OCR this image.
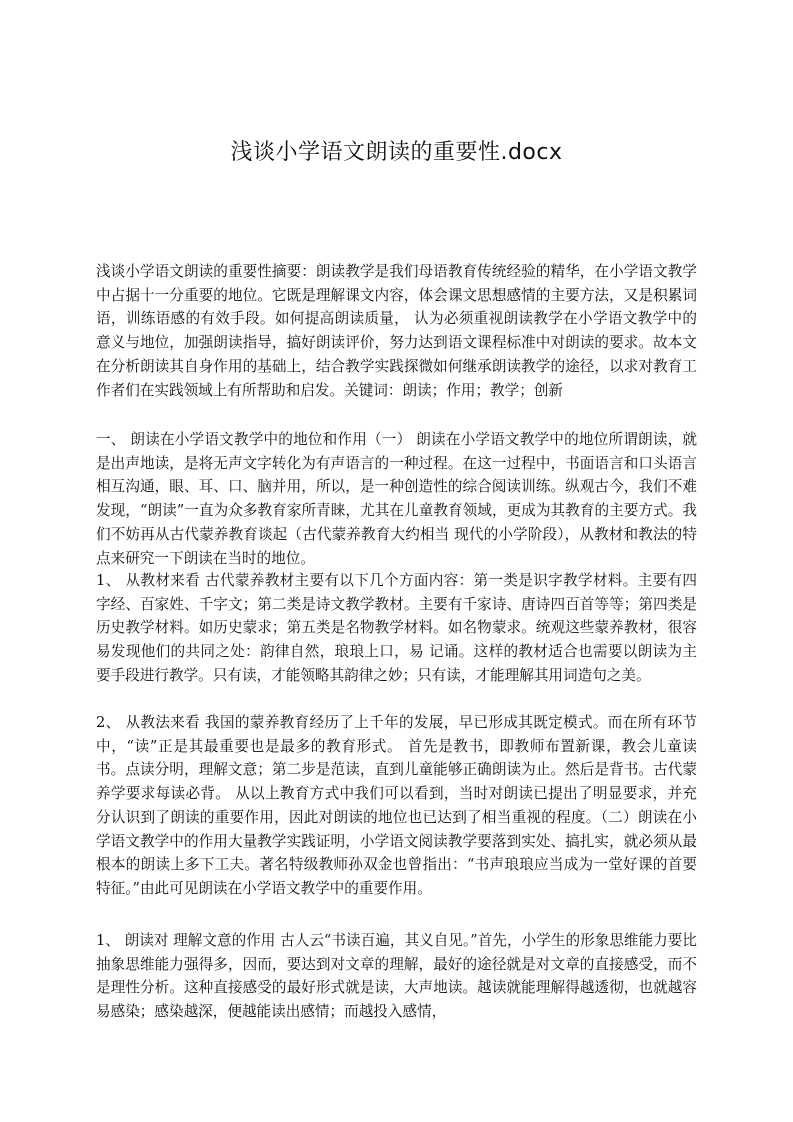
浅谈小学语文朗读的重要性.docx

浅谈小学语文朗读的重要性摘要：朗读教学是我们母语教育传统经验的精华，在小学语文教学中占据十一分重要的地位。它既是理解课文内容，体会课文思想感情的主要方法，又是积累词语，训练语感的有效手段。如何提高朗读质量， 认为必须重视朗读教学在小学语文教学中的意义与地位，加强朗读指导，搞好朗读评价，努力达到语文课程标准中对朗读的要求。故本文在分析朗读其自身作用的基础上，结合教学实践探微如何继承朗读教学的途径，以求对教育工作者们在实践领域上有所帮助和启发。关键词：朗读；作用；教学；创新

一、 朗读在小学语文教学中的地位和作用（一） 朗读在小学语文教学中的地位所谓朗读，就是出声地读，是将无声文字转化为有声语言的一种过程。在这一过程中，书面语言和口头语言相互沟通，眼、耳、口、脑并用，所以，是一种创造性的综合阅读训练。纵观古今，我们不难发现，“朗读”一直为众多教育家所青睐，尤其在儿童教育领域，更成为其教育的主要方式。我们不妨再从古代蒙养教育谈起（古代蒙养教育大约相当 现代的小学阶段），从教材和教法的特点来研究一下朗读在当时的地位。

1、 从教材来看 古代蒙养教材主要有以下几个方面内容：第一类是识字教学材料。主要有四字经、百家姓、千字文；第二类是诗文教学教材。主要有千家诗、唐诗四百首等等；第四类是历史教学材料。如历史蒙求；第五类是名物教学材料。如名物蒙求。统观这些蒙养教材，很容易发现他们的共同之处：韵律自然，琅琅上口，易 记诵。这样的教材适合也需要以朗读为主要手段进行教学。只有读，才能领略其韵律之妙；只有读，才能理解其用词造句之美。

2、 从教法来看 我国的蒙养教育经历了上千年的发展，早已形成其既定模式。而在所有环节中，“读”正是其最重要也是最多的教育形式。 首先是教书，即教师布置新课，教会儿童读书。点读分明，理解文意；第二步是范读，直到儿童能够正确朗读为止。然后是背书。古代蒙养学要求每读必背。 从以上教育方式中我们可以看到，当时对朗读已提出了明显要求，并充分认识到了朗读的重要作用，因此对朗读的地位也已达到了相当重视的程度。（二）朗读在小学语文教学中的作用大量教学实践证明，小学语文阅读教学要落到实处、搞扎实，就必须从最根本的朗读上多下工夫。著名特级教师孙双金也曾指出：“书声琅琅应当成为一堂好课的首要特征。”由此可见朗读在小学语文教学中的重要作用。

1、 朗读对 理解文意的作用 古人云“书读百遍，其义自见。”首先，小学生的形象思维能力要比抽象思维能力强得多，因而，要达到对文章的理解，最好的途径就是对文章的直接感受，而不是理性分析。这种直接感受的最好形式就是读，大声地读。越读就能理解得越透彻，也就越容易感染；感染越深，便越能读出感情；而越投入感情，
